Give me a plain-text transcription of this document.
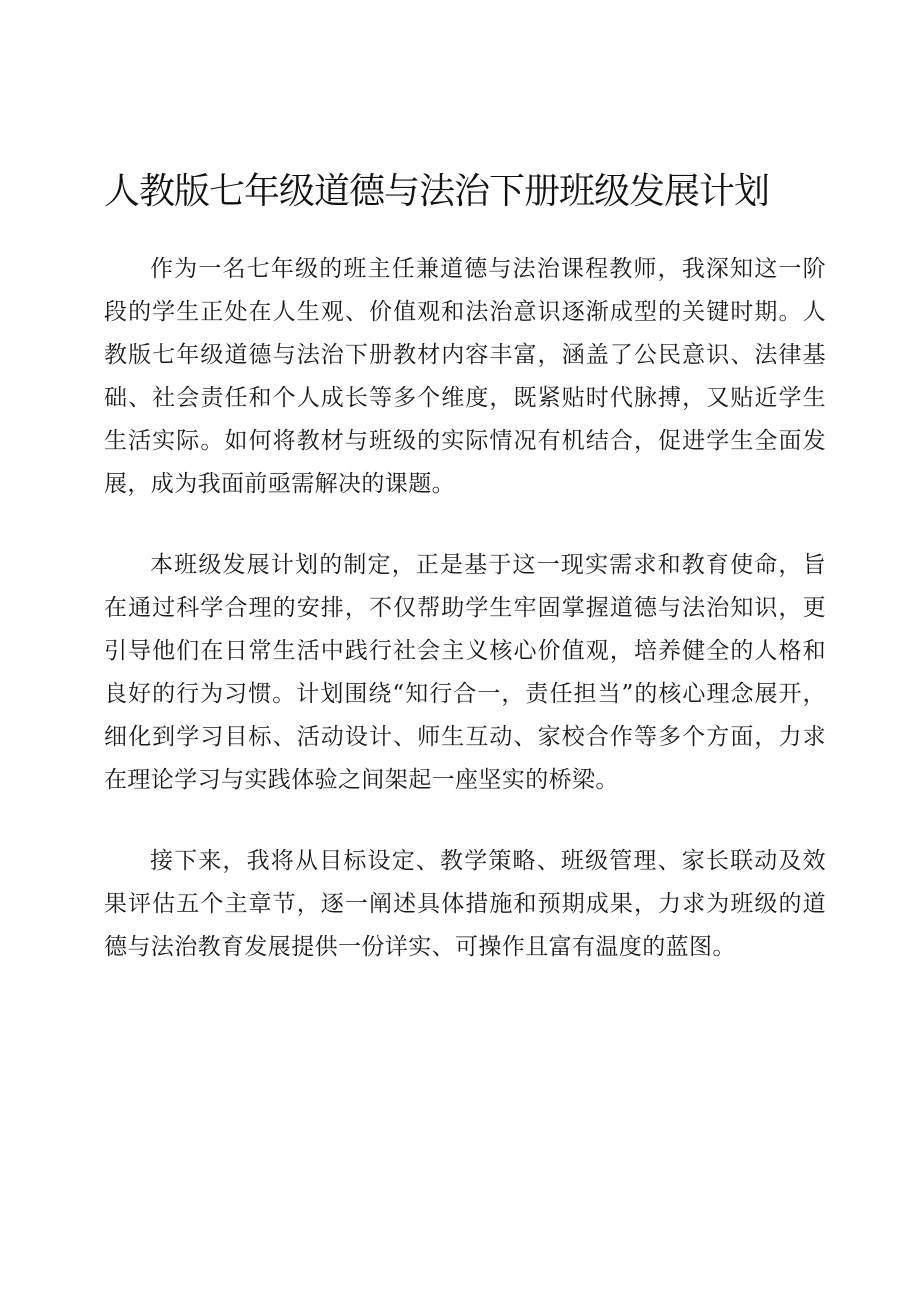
人教版七年级道德与法治下册班级发展计划

作为一名七年级的班主任兼道德与法治课程教师，我深知这一阶段的学生正处在人生观、价值观和法治意识逐渐成型的关键时期。人教版七年级道德与法治下册教材内容丰富，涵盖了公民意识、法律基础、社会责任和个人成长等多个维度，既紧贴时代脉搏，又贴近学生生活实际。如何将教材与班级的实际情况有机结合，促进学生全面发展，成为我面前亟需解决的课题。

本班级发展计划的制定，正是基于这一现实需求和教育使命，旨在通过科学合理的安排，不仅帮助学生牢固掌握道德与法治知识，更引导他们在日常生活中践行社会主义核心价值观，培养健全的人格和良好的行为习惯。计划围绕“知行合一，责任担当”的核心理念展开，细化到学习目标、活动设计、师生互动、家校合作等多个方面，力求在理论学习与实践体验之间架起一座坚实的桥梁。

接下来，我将从目标设定、教学策略、班级管理、家长联动及效果评估五个主章节，逐一阐述具体措施和预期成果，力求为班级的道德与法治教育发展提供一份详实、可操作且富有温度的蓝图。
